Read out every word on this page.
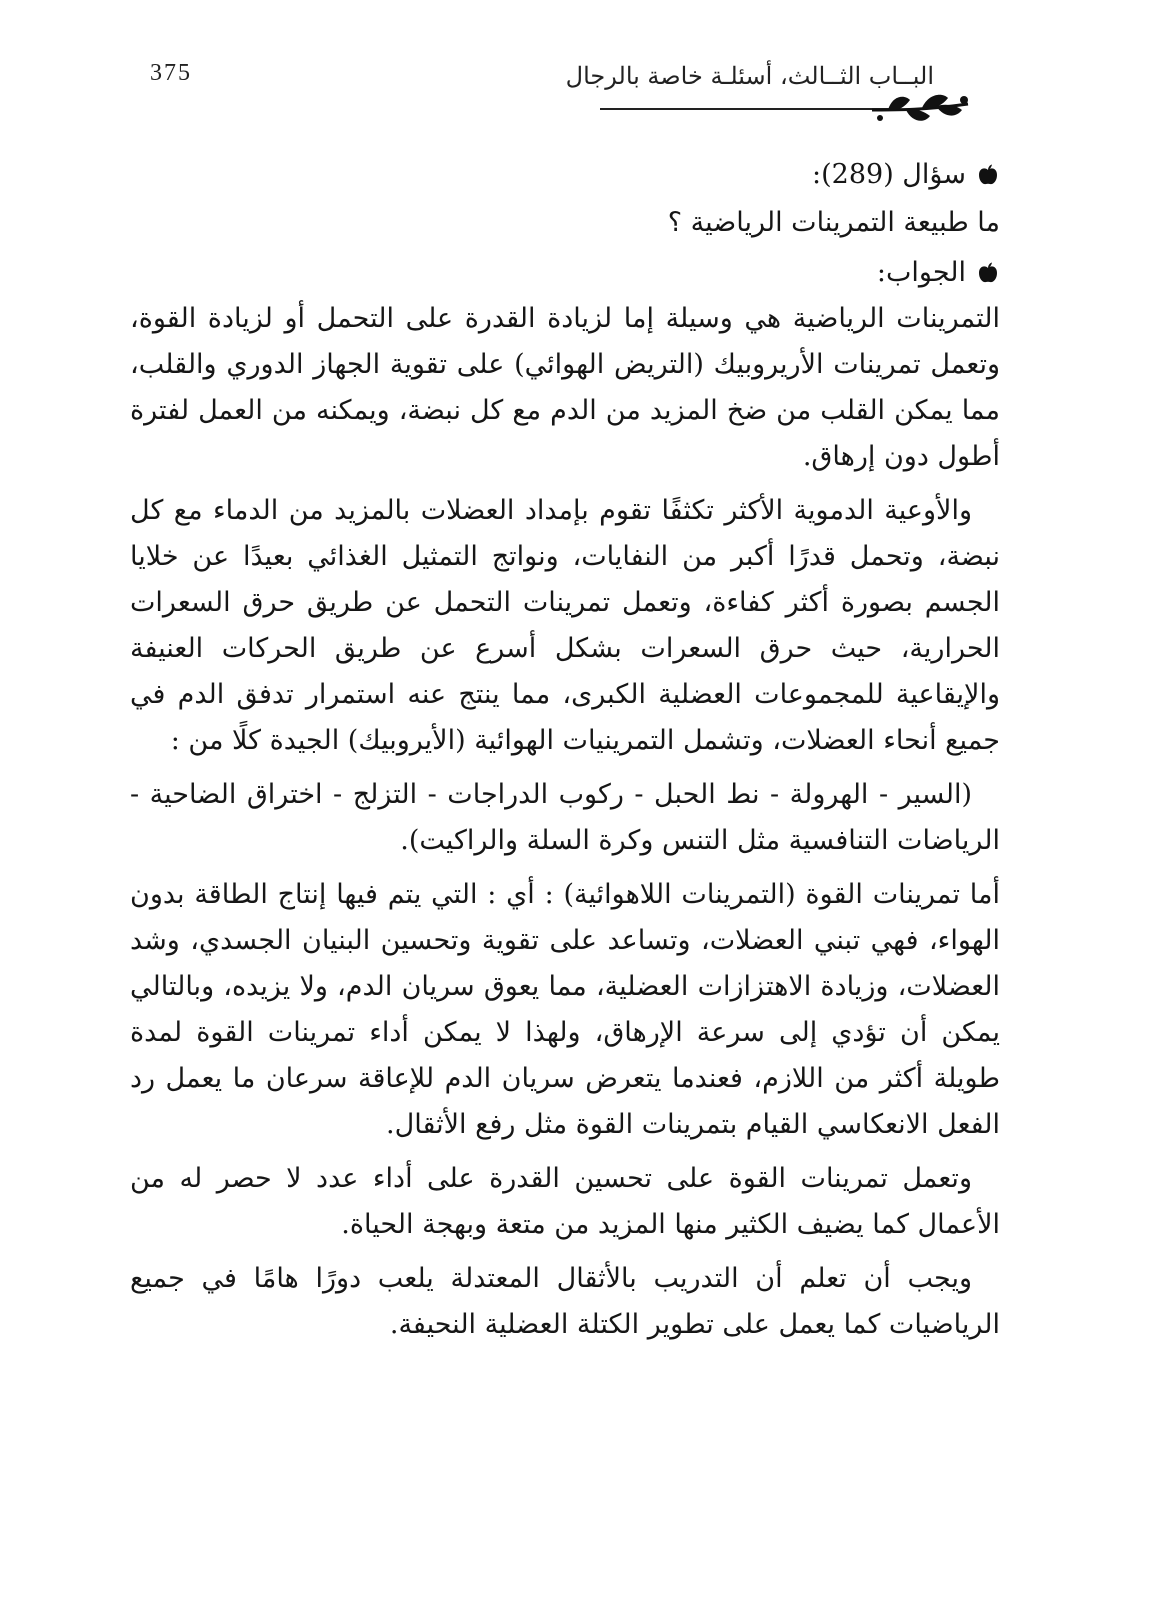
375	البــاب الثــالث، أسئلـة خاصة بالرجال

سؤال (289):

ما طبيعة التمرينات الرياضية ؟

الجواب:

التمرينات الرياضية هي وسيلة إما لزيادة القدرة على التحمل أو لزيادة القوة، وتعمل تمرينات الأريروبيك (التريض الهوائي) على تقوية الجهاز الدوري والقلب، مما يمكن القلب من ضخ المزيد من الدم مع كل نبضة، ويمكنه من العمل لفترة أطول دون إرهاق.

والأوعية الدموية الأكثر تكثفًا تقوم بإمداد العضلات بالمزيد من الدماء مع كل نبضة، وتحمل قدرًا أكبر من النفايات، ونواتج التمثيل الغذائي بعيدًا عن خلايا الجسم بصورة أكثر كفاءة، وتعمل تمرينات التحمل عن طريق حرق السعرات الحرارية، حيث حرق السعرات بشكل أسرع عن طريق الحركات العنيفة والإيقاعية للمجموعات العضلية الكبرى، مما ينتج عنه استمرار تدفق الدم في جميع أنحاء العضلات، وتشمل التمرينيات الهوائية (الأيروبيك) الجيدة كلًا من :

(السير - الهرولة - نط الحبل - ركوب الدراجات - التزلج - اختراق الضاحية - الرياضات التنافسية مثل التنس وكرة السلة والراكيت).

أما تمرينات القوة (التمرينات اللاهوائية) : أي : التي يتم فيها إنتاج الطاقة بدون الهواء، فهي تبني العضلات، وتساعد على تقوية وتحسين البنيان الجسدي، وشد العضلات، وزيادة الاهتزازات العضلية، مما يعوق سريان الدم، ولا يزيده، وبالتالي يمكن أن تؤدي إلى سرعة الإرهاق، ولهذا لا يمكن أداء تمرينات القوة لمدة طويلة أكثر من اللازم، فعندما يتعرض سريان الدم للإعاقة سرعان ما يعمل رد الفعل الانعكاسي القيام بتمرينات القوة مثل رفع الأثقال.

وتعمل تمرينات القوة على تحسين القدرة على أداء عدد لا حصر له من الأعمال كما يضيف الكثير منها المزيد من متعة وبهجة الحياة.

ويجب أن تعلم أن التدريب بالأثقال المعتدلة يلعب دورًا هامًا في جميع الرياضيات كما يعمل على تطوير الكتلة العضلية النحيفة.
